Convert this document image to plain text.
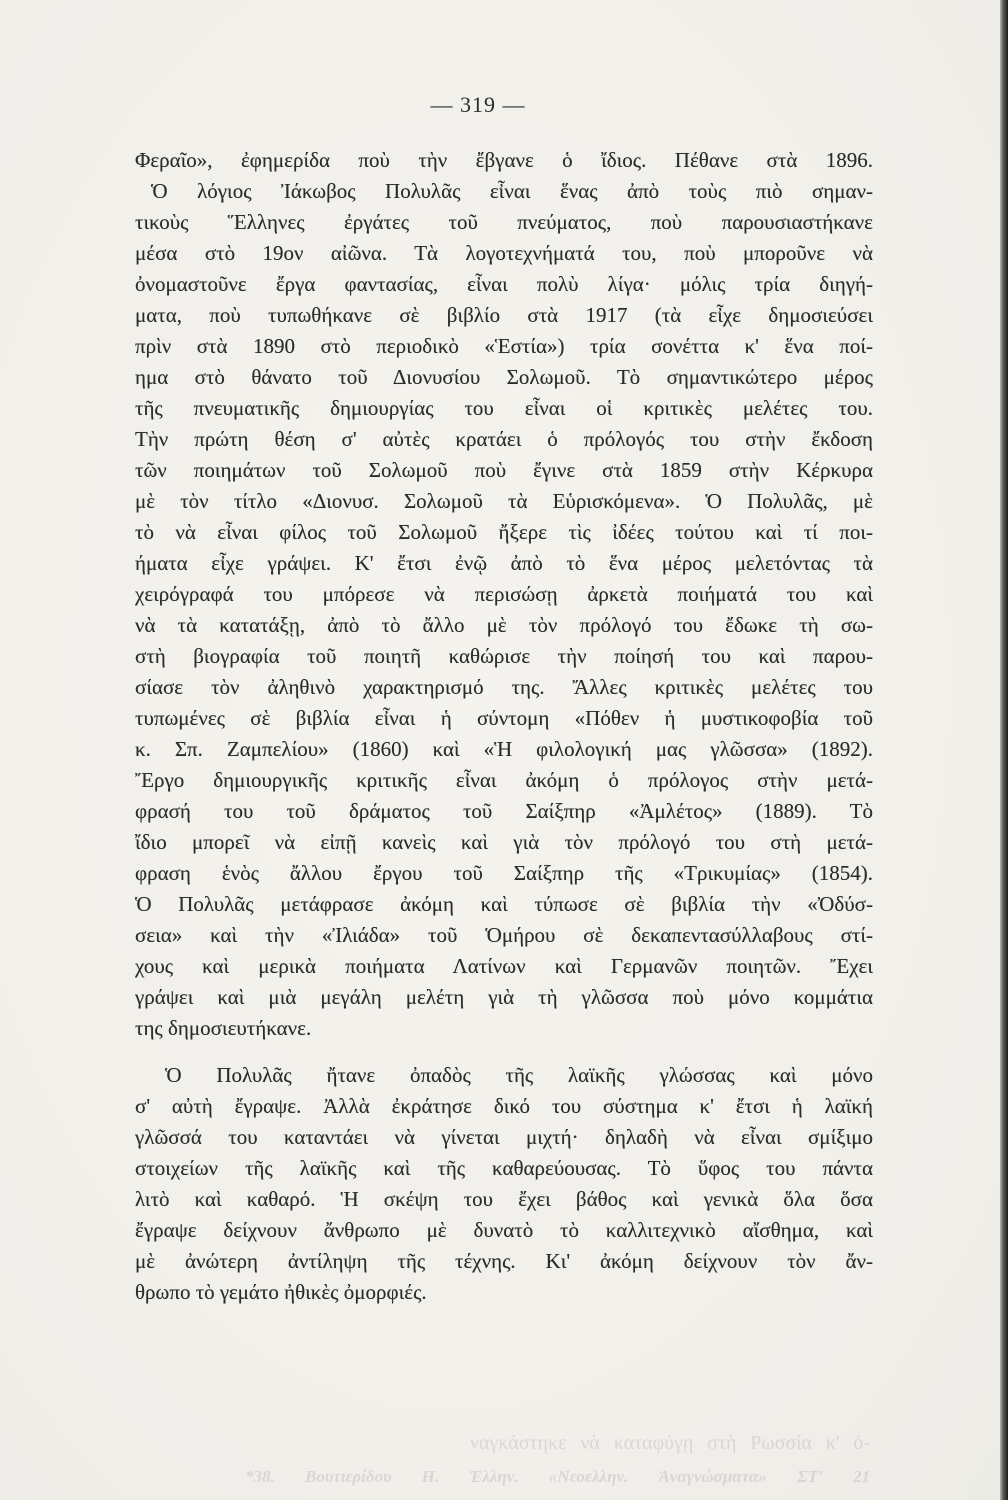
— 319 —
Φεραῖο», ἐφημερίδα ποὺ τὴν ἔβγανε ὁ ἴδιος. Πέθανε στὰ 1896.
Ὁ λόγιος Ἰάκωβος Πολυλᾶς εἶναι ἕνας ἀπὸ τοὺς πιὸ σημαν-
τικοὺς Ἕλληνες ἐργάτες τοῦ πνεύματος, ποὺ παρουσιαστήκανε
μέσα στὸ 19ον αἰῶνα. Τὰ λογοτεχνήματά του, ποὺ μποροῦνε νὰ
ὀνομαστοῦνε ἔργα φαντασίας, εἶναι πολὺ λίγα· μόλις τρία διηγή-
ματα, ποὺ τυπωθήκανε σὲ βιβλίο στὰ 1917 (τὰ εἶχε δημοσιεύσει
πρὶν στὰ 1890 στὸ περιοδικὸ «Ἑστία») τρία σονέττα κ' ἕνα ποί-
ημα στὸ θάνατο τοῦ Διονυσίου Σολωμοῦ. Τὸ σημαντικώτερο μέρος
τῆς πνευματικῆς δημιουργίας του εἶναι οἱ κριτικὲς μελέτες του.
Τὴν πρώτη θέση σ' αὐτὲς κρατάει ὁ πρόλογός του στὴν ἔκδοση
τῶν ποιημάτων τοῦ Σολωμοῦ ποὺ ἔγινε στὰ 1859 στὴν Κέρκυρα
μὲ τὸν τίτλο «Διονυσ. Σολωμοῦ τὰ Εὑρισκόμενα». Ὁ Πολυλᾶς, μὲ
τὸ νὰ εἶναι φίλος τοῦ Σολωμοῦ ἤξερε τὶς ἰδέες τούτου καὶ τί ποι-
ήματα εἶχε γράψει. Κ' ἔτσι ἐνῷ ἀπὸ τὸ ἕνα μέρος μελετόντας τὰ
χειρόγραφά του μπόρεσε νὰ περισώσῃ ἀρκετὰ ποιήματά του καὶ
νὰ τὰ κατατάξῃ, ἀπὸ τὸ ἄλλο μὲ τὸν πρόλογό του ἔδωκε τὴ σω-
στὴ βιογραφία τοῦ ποιητῆ καθώρισε τὴν ποίησή του καὶ παρου-
σίασε τὸν ἀληθινὸ χαρακτηρισμό της. Ἄλλες κριτικὲς μελέτες του
τυπωμένες σὲ βιβλία εἶναι ἡ σύντομη «Πόθεν ἡ μυστικοφοβία τοῦ
κ. Σπ. Ζαμπελίου» (1860) καὶ «Ἡ φιλολογική μας γλῶσσα» (1892).
Ἔργο δημιουργικῆς κριτικῆς εἶναι ἀκόμη ὁ πρόλογος στὴν μετά-
φρασή του τοῦ δράματος τοῦ Σαίξπηρ «Ἀμλέτος» (1889). Τὸ
ἴδιο μπορεῖ νὰ εἰπῇ κανεὶς καὶ γιὰ τὸν πρόλογό του στὴ μετά-
φραση ἑνὸς ἄλλου ἔργου τοῦ Σαίξπηρ τῆς «Τρικυμίας» (1854).
Ὁ Πολυλᾶς μετάφρασε ἀκόμη καὶ τύπωσε σὲ βιβλία τὴν «Ὀδύσ-
σεια» καὶ τὴν «Ἰλιάδα» τοῦ Ὁμήρου σὲ δεκαπεντασύλλαβους στί-
χους καὶ μερικὰ ποιήματα Λατίνων καὶ Γερμανῶν ποιητῶν. Ἔχει
γράψει καὶ μιὰ μεγάλη μελέτη γιὰ τὴ γλῶσσα ποὺ μόνο κομμάτια
της δημοσιευτήκανε.
Ὁ Πολυλᾶς ἤτανε ὀπαδὸς τῆς λαϊκῆς γλώσσας καὶ μόνο
σ' αὐτὴ ἔγραψε. Ἀλλὰ ἐκράτησε δικό του σύστημα κ' ἔτσι ἡ λαϊκή
γλῶσσά του καταντάει νὰ γίνεται μιχτή· δηλαδὴ νὰ εἶναι σμίξιμο
στοιχείων τῆς λαϊκῆς καὶ τῆς καθαρεύουσας. Τὸ ὕφος του πάντα
λιτὸ καὶ καθαρό. Ἡ σκέψη του ἔχει βάθος καὶ γενικὰ ὅλα ὅσα
ἔγραψε δείχνουν ἄνθρωπο μὲ δυνατὸ τὸ καλλιτεχνικὸ αἴσθημα, καὶ
μὲ ἀνώτερη ἀντίληψη τῆς τέχνης. Κι' ἀκόμη δείχνουν τὸν ἄν-
θρωπο τὸ γεμάτο ἠθικὲς ὀμορφιές.
ναγκάστηκε νὰ καταφύγῃ στὴ Ρωσσία κ' ὁ-
*38. Βουτιερίδου Η. Ἑλλην. «Νεοελλην. Ἀναγνώσματα» ΣΤ' 21
